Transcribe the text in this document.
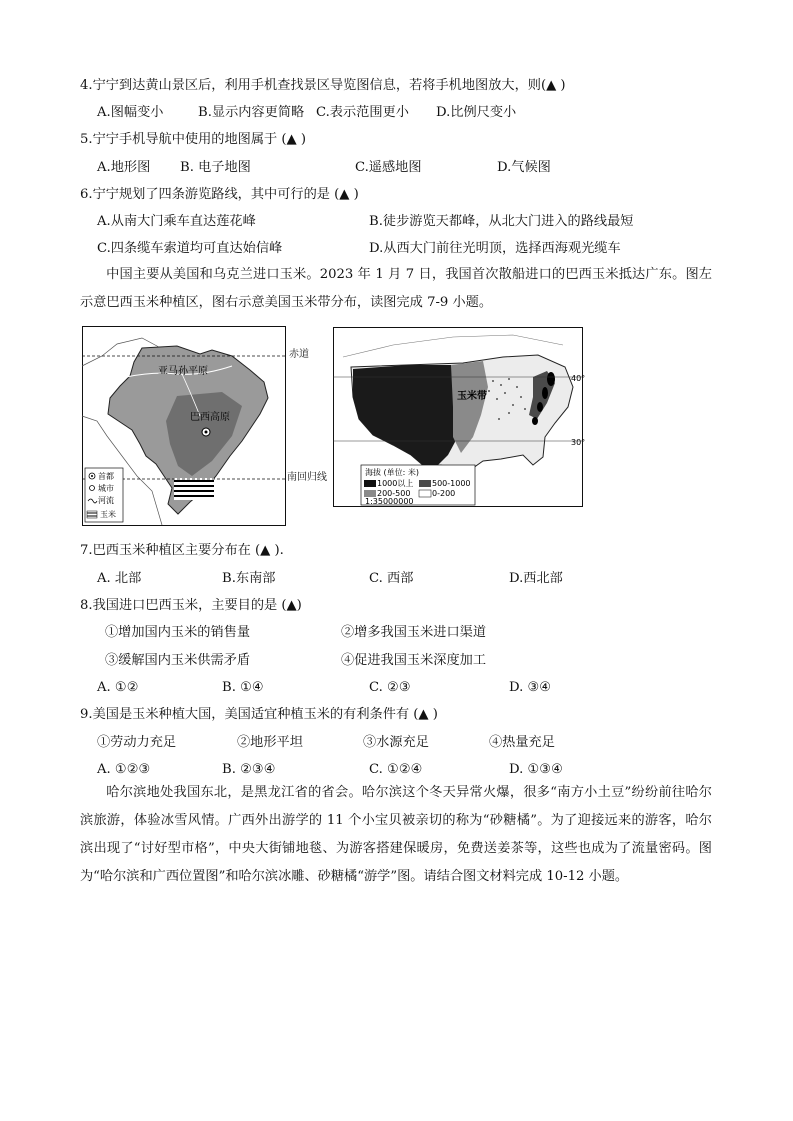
4.宁宁到达黄山景区后，利用手机查找景区导览图信息，若将手机地图放大，则(▲ )
A.图幅变小	B.显示内容更简略 C.表示范围更小 D.比例尺变小
5.宁宁手机导航中使用的地图属于 (▲ )
A.地形图 B. 电子地图	C.遥感地图	D.气候图
6.宁宁规划了四条游览路线，其中可行的是 (▲ )
A.从南大门乘车直达莲花峰	B.徒步游览天都峰，从北大门进入的路线最短
C.四条缆车索道均可直达始信峰	D.从西大门前往光明顶，选择西海观光缆车
中国主要从美国和乌克兰进口玉米。2023 年 1 月 7 日，我国首次散船进口的巴西玉米抵达广东。图左示意巴西玉米种植区，图右示意美国玉米带分布，读图完成 7-9 小题。
巴西高原
亚马孙平原
首都
城市
河流
玉米
赤道
南回归线
玉米带
40°
30°
海拔 (单位: 米)
1000以上 500-1000
200-500	0-200
1:35000000
7.巴西玉米种植区主要分布在 (▲ ).
A. 北部	B.东南部	C. 西部	D.西北部
8.我国进口巴西玉米，主要目的是 (▲)
①增加国内玉米的销售量	②增多我国玉米进口渠道
③缓解国内玉米供需矛盾	④促进我国玉米深度加工
A. ①②	B. ①④	C. ②③	D. ③④
9.美国是玉米种植大国，美国适宜种植玉米的有利条件有 (▲ )
①劳动力充足	②地形平坦	③水源充足	④热量充足
A. ①②③	B. ②③④	C. ①②④	D. ①③④
哈尔滨地处我国东北，是黑龙江省的省会。哈尔滨这个冬天异常火爆，很多“南方小土豆”纷纷前往哈尔滨旅游，体验冰雪风情。广西外出游学的 11 个小宝贝被亲切的称为“砂糖橘”。为了迎接远来的游客，哈尔滨出现了“讨好型市格”，中央大街铺地毯、为游客搭建保暖房，免费送姜茶等，这些也成为了流量密码。图为“哈尔滨和广西位置图”和哈尔滨冰雕、砂糖橘“游学”图。请结合图文材料完成 10-12 小题。
